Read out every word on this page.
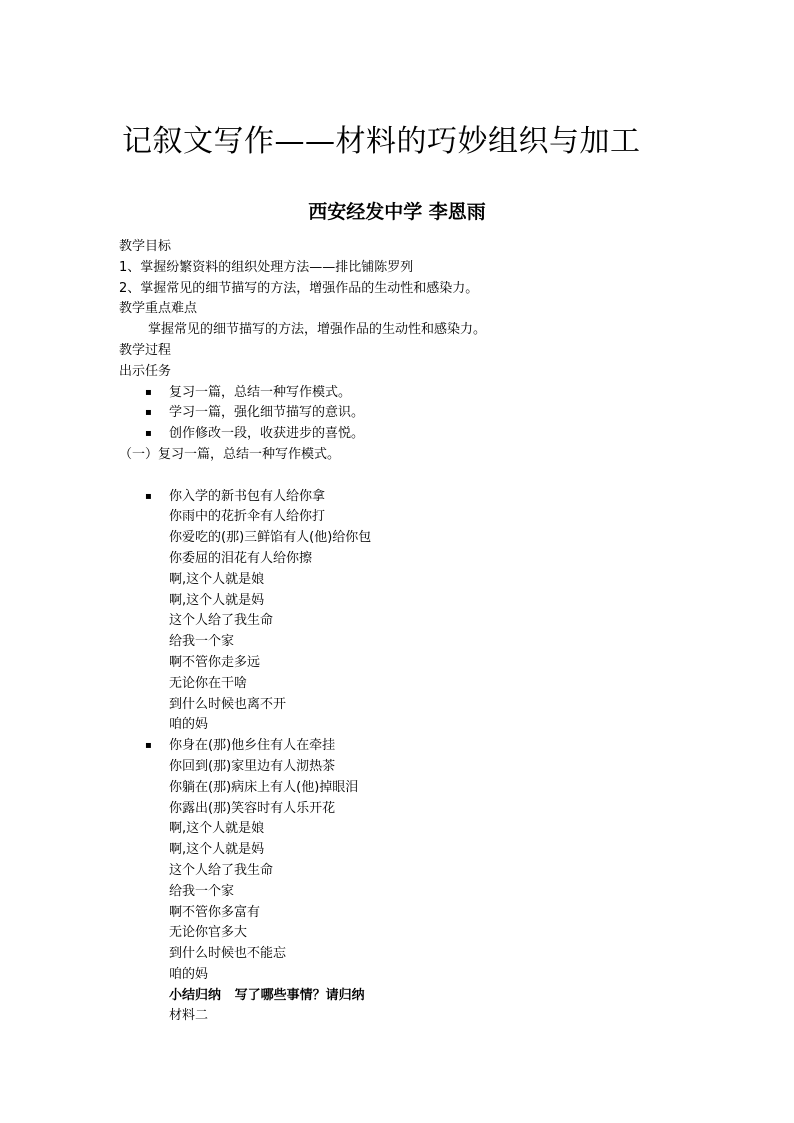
记叙文写作——材料的巧妙组织与加工
西安经发中学 李恩雨
教学目标
1、掌握纷繁资料的组织处理方法——排比铺陈罗列
2、掌握常见的细节描写的方法，增强作品的生动性和感染力。
教学重点难点
掌握常见的细节描写的方法，增强作品的生动性和感染力。
教学过程
出示任务
▪	复习一篇，总结一种写作模式。
▪	学习一篇，强化细节描写的意识。
▪	创作修改一段，收获进步的喜悦。
（一）复习一篇，总结一种写作模式。
▪	你入学的新书包有人给你拿
你雨中的花折伞有人给你打
你爱吃的(那)三鲜馅有人(他)给你包
你委屈的泪花有人给你擦
啊,这个人就是娘
啊,这个人就是妈
这个人给了我生命
给我一个家
啊不管你走多远
无论你在干啥
到什么时候也离不开
咱的妈
▪	你身在(那)他乡住有人在牵挂
你回到(那)家里边有人沏热茶
你躺在(那)病床上有人(他)掉眼泪
你露出(那)笑容时有人乐开花
啊,这个人就是娘
啊,这个人就是妈
这个人给了我生命
给我一个家
啊不管你多富有
无论你官多大
到什么时候也不能忘
咱的妈
小结归纳   写了哪些事情？请归纳
材料二
